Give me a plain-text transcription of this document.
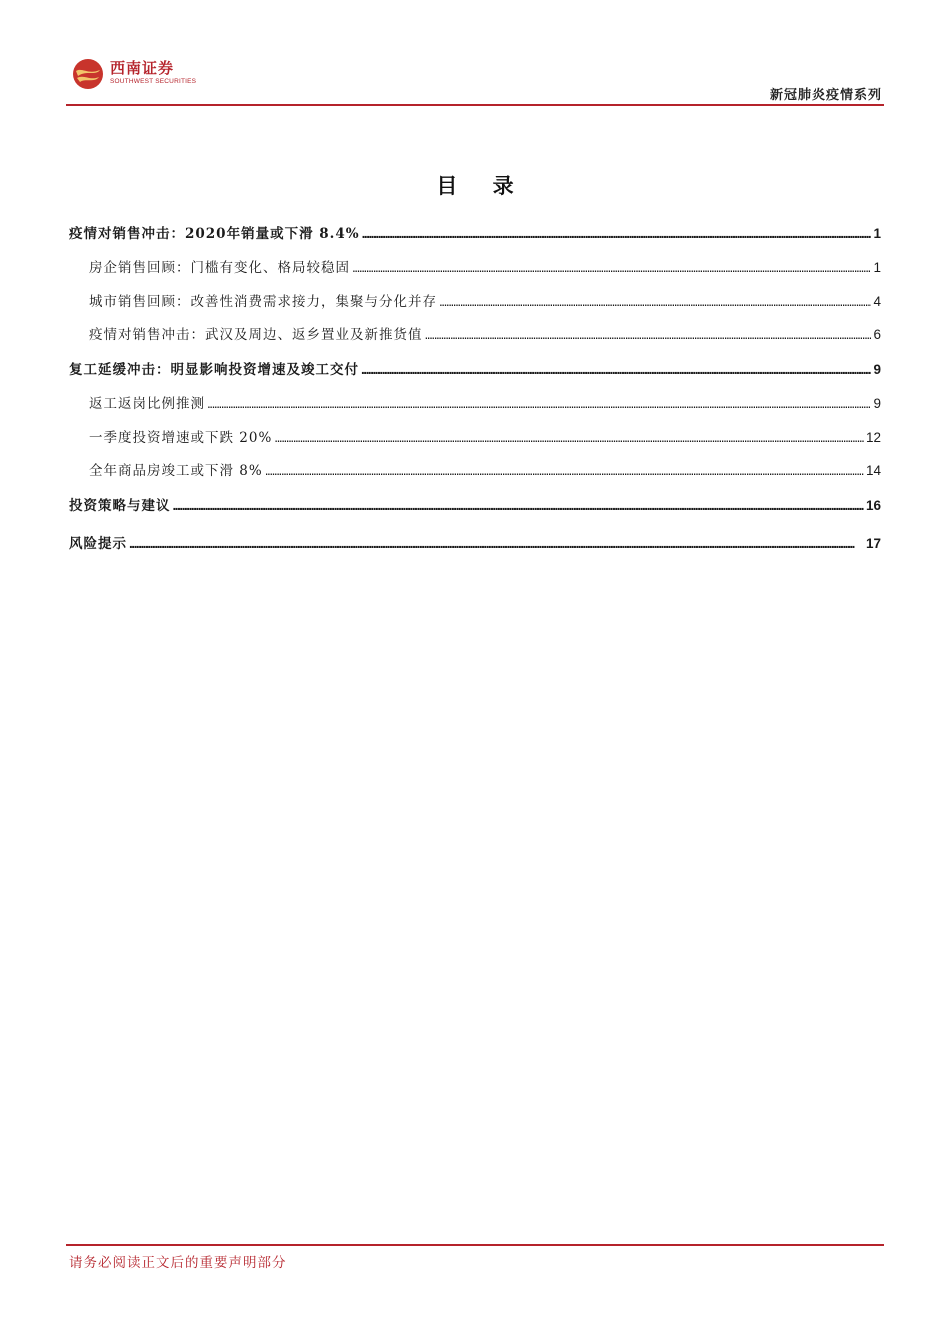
西南证券
SOUTHWEST SECURITIES
新冠肺炎疫情系列
目 录
疫情对销售冲击：2020年销量或下滑 8.4% . . .	1
房企销售回顾：门槛有变化、格局较稳固 . . .	1
城市销售回顾：改善性消费需求接力，集聚与分化并存 . . .	4
疫情对销售冲击：武汉及周边、返乡置业及新推货值 . . .	6
复工延缓冲击：明显影响投资增速及竣工交付 . . .	9
返工返岗比例推测 . . .	9
一季度投资增速或下跌 20% . . .	12
全年商品房竣工或下滑 8% . . .	14
投资策略与建议 . . .	16
风险提示 . . .	17
请务必阅读正文后的重要声明部分
